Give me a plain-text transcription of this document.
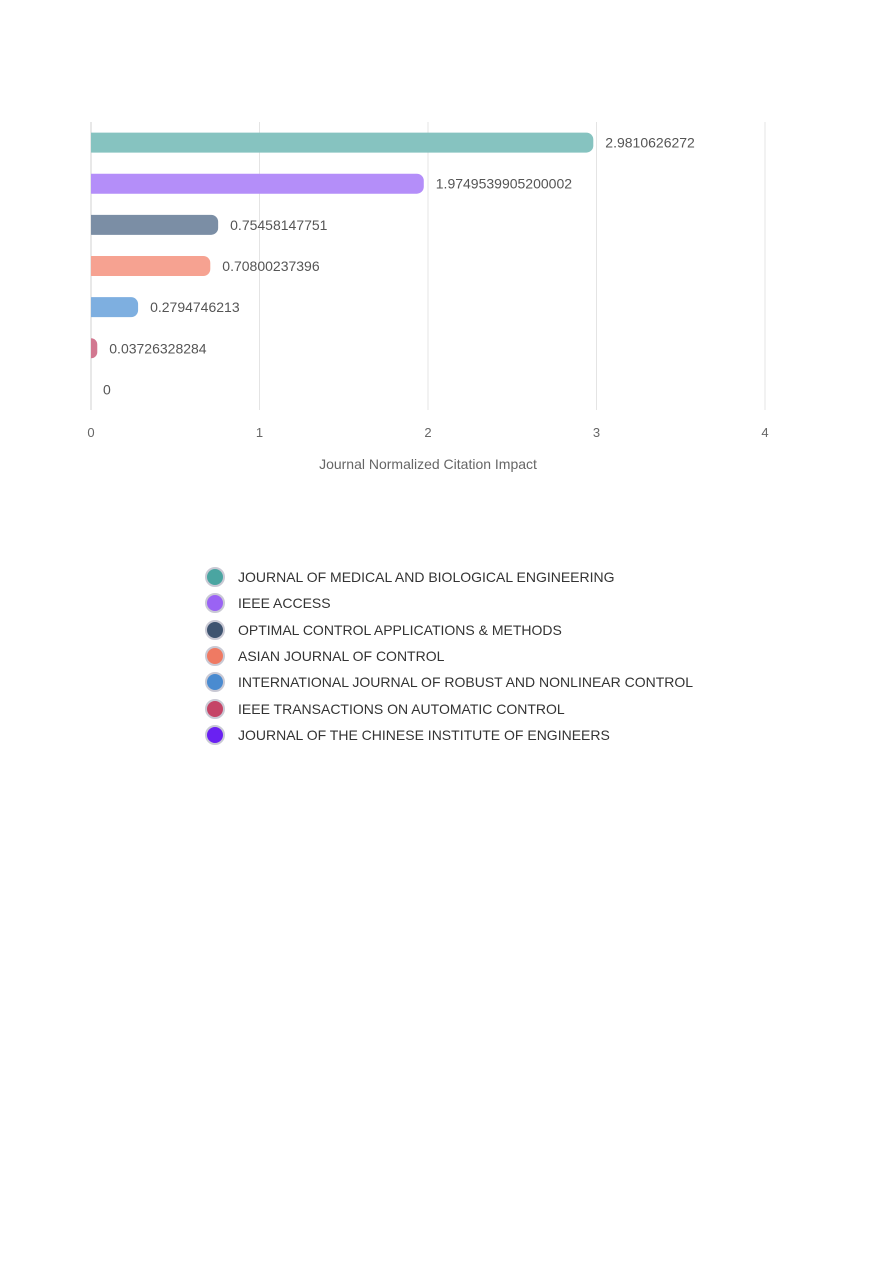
2.9810626272
1.9749539905200002
0.75458147751
0.70800237396
0.2794746213
0.03726328284
0
0	1	2	3	4
Journal Normalized Citation Impact
JOURNAL OF MEDICAL AND BIOLOGICAL ENGINEERING
IEEE ACCESS
OPTIMAL CONTROL APPLICATIONS & METHODS
ASIAN JOURNAL OF CONTROL
INTERNATIONAL JOURNAL OF ROBUST AND NONLINEAR CONTROL
IEEE TRANSACTIONS ON AUTOMATIC CONTROL
JOURNAL OF THE CHINESE INSTITUTE OF ENGINEERS
